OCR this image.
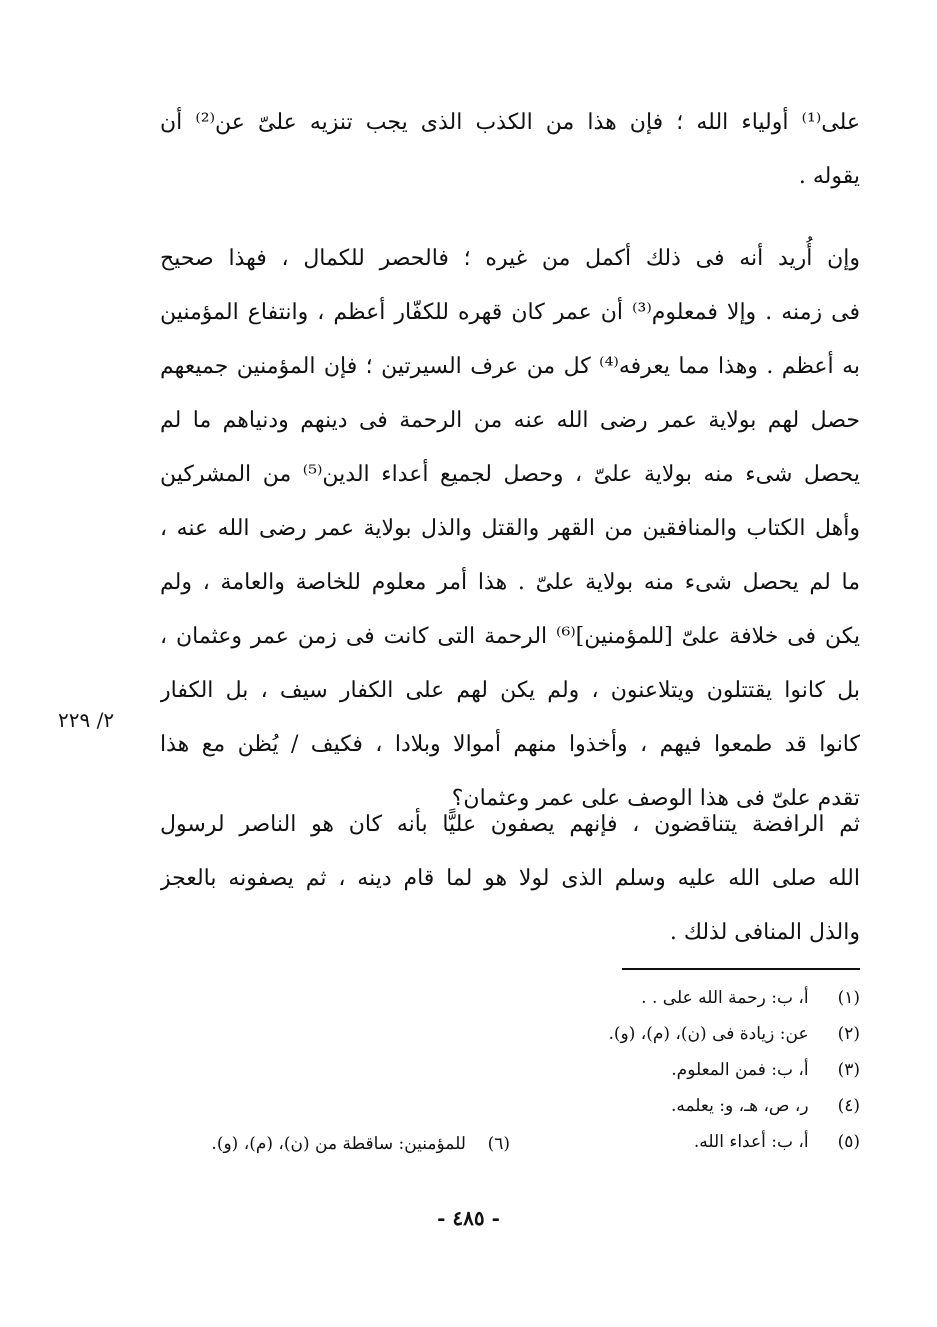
على⁽¹⁾ أولياء الله ؛ فإن هذا من الكذب الذى يجب تنزيه علىّ عن⁽²⁾ أن
يقوله .
وإن أُريد أنه فى ذلك أكمل من غيره ؛ فالحصر للكمال ، فهذا صحيح
فى زمنه . وإلا فمعلوم⁽³⁾ أن عمر كان قهره للكفّار أعظم ، وانتفاع المؤمنين
به أعظم . وهذا مما يعرفه⁽⁴⁾ كل من عرف السيرتين ؛ فإن المؤمنين جميعهم
حصل لهم بولاية عمر رضى الله عنه من الرحمة فى دينهم ودنياهم ما لم
يحصل شىء منه بولاية علىّ ، وحصل لجميع أعداء الدين⁽⁵⁾ من المشركين
وأهل الكتاب والمنافقين من القهر والقتل والذل بولاية عمر رضى الله عنه ،
ما لم يحصل شىء منه بولاية علىّ . هذا أمر معلوم للخاصة والعامة ، ولم
يكن فى خلافة علىّ [للمؤمنين]⁽⁶⁾ الرحمة التى كانت فى زمن عمر وعثمان ،
بل كانوا يقتتلون ويتلاعنون ، ولم يكن لهم على الكفار سيف ، بل الكفار
كانوا قد طمعوا فيهم ، وأخذوا منهم أموالا وبلادا ، فكيف / يُظن مع هذا
تقدم علىّ فى هذا الوصف على عمر وعثمان؟
٢/ ٢٢٩
ثم الرافضة يتناقضون ، فإنهم يصفون عليًّا بأنه كان هو الناصر لرسول
الله صلى الله عليه وسلم الذى لولا هو لما قام دينه ، ثم يصفونه بالعجز
والذل المنافى لذلك .
(١) أ، ب: رحمة الله على . .
(٢) عن: زيادة فى (ن)، (م)، (و).
(٣) أ، ب: فمن المعلوم.
(٤) ر، ص، هـ، و: يعلمه.
(٥) أ، ب: أعداء الله.
(٦)    للمؤمنين: ساقطة من (ن)، (م)، (و).
- ٤٨٥ -
